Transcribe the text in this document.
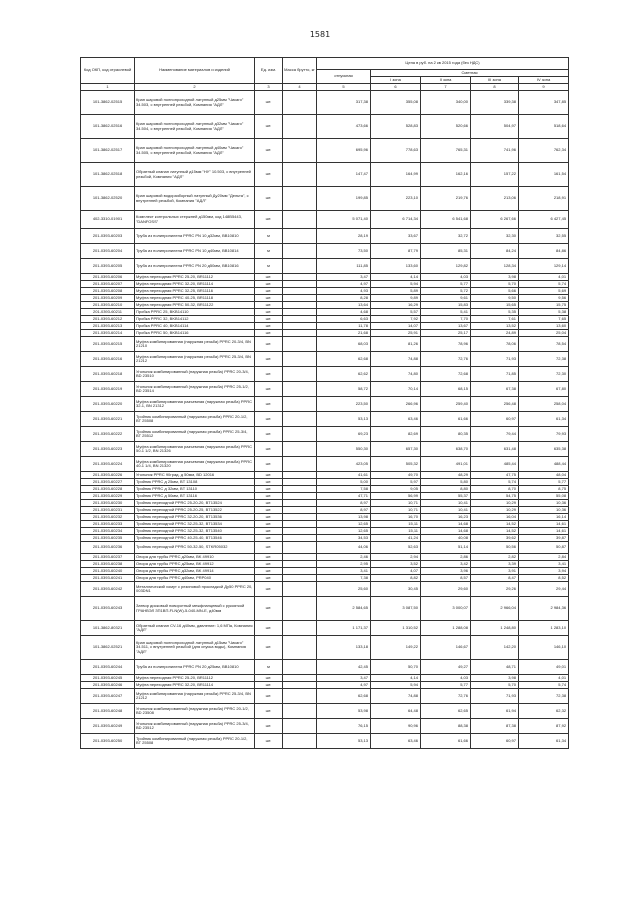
1581
Код ОКП, код отраслевой	Наименование материалов и изделий	Ед. изм.	Масса брутто, кг	Цена в руб. на 2 кв 2015 года (без НДС)				
				отпускная	Сметная			
					I зона	II зона	III зона	IV зона
1	2	3	4	5	6	7	8	9
101-3862-02515	Кран шаровой полнопроходной латунный д25мм "Чикаго" 34.503, с внутренней резьбой, Компания "АДЛ"	шт.		317,38	355,08	340,00	339,38	347,85
101-3862-02516	Кран шаровой полнопроходной латунный д32мм "Чикаго" 34.504, с внутренней резьбой, Компания "АДЛ"	шт.		473,66	528,83	520,66	504,97	518,64
101-3862-02517	Кран шаровой полнопроходной латунный д40мм "Чикаго" 34.505, с внутренней резьбой, Компания "АДЛ"	шт.		695,96	778,63	765,31	741,96	762,34
101-3862-02518	Обратный клапан латунный д15мм "НУ" 10.503, с внутренней резьбой, Компания "АДЛ"	шт.		147,47	164,99	162,16	157,22	161,54
101-3862-02520	Кран шаровой водоразборный латунный Ду20мм "Дельта", с внутренней резьбой, Компания "АДЛ"	шт.		199,85	223,10	219,76	213,06	218,91
402-3310-01901	Комплект контрольных стержней д150мм, код 148B5443, "DANFOSS"	шт.		5 071,40	6 714,34	6 541,68	6 267,66	6 427,45
201-0393-60203	Труба из полипропилена PPRC PN 10 д32мм, BB10810	м		28,19	33,67	32,72	32,30	32,55
201-0393-60204	Труба из полипропилена PPRC PN 10 д40мм, BB10814	м		73,50	87,79	85,31	84,24	84,86
201-0393-60205	Труба из полипропилена PPRC PN 20 д50мм, BB10816	м		111,85	133,60	129,82	128,34	129,14
201-0393-60206	Муфта переходная PPRC 25-20, BR11112	шт.		3,47	4,14	4,03	3,98	4,01
201-0393-60207	Муфта переходная PPRC 32-20, BR11114	шт.		4,97	5,94	5,77	5,70	5,74
201-0393-60208	Муфта переходная PPRC 32-25, BR11116	шт.		4,93	5,89	5,72	5,66	5,69
201-0393-60209	Муфта переходная PPRC 40-25, BR11118	шт.		8,28	9,89	9,61	9,50	9,56
201-0393-60210	Муфта переходная PPRC 50-32, BR11122	шт.		13,64	16,29	15,83	15,65	15,75
201-0393-60211	Пробка PPRC 25, BKB14110	шт.		4,68	5,57	5,41	5,35	5,38
201-0393-60212	Пробка PPRC 32, BKB14112	шт.		6,63	7,92	7,70	7,61	7,65
201-0393-60213	Пробка PPRC 40, BKB14114	шт.		11,78	14,07	13,67	13,52	13,60
201-0393-60214	Пробка PPRC 50, BKB14116	шт.		21,68	25,91	25,17	24,89	25,04
201-0393-60215	Муфта комбинированная (наружная резьба) PPRC 20-3/4, BN 21210	шт.		68,03	81,26	78,96	78,06	78,54
201-0393-60216	Муфта комбинированная (наружная резьба) PPRC 25-3/4, BN 21212	шт.		62,68	74,88	72,76	71,93	72,38
201-0393-60218	Угольник комбинированный (наружная резьба) PPRC 20-3/4, BD 23510	шт.		62,62	74,80	72,68	71,85	72,30
201-0393-60219	Угольник комбинированный (наружная резьба) PPRC 25-1/2, BD 23514	шт.		58,72	70,14	68,15	67,38	67,80
201-0393-60220	Муфта комбинированная разъемная (наружная резьба) PPRC 32-1, BN 21312	шт.		223,50	266,96	259,40	256,48	258,04
201-0393-60221	Тройник комбинированный (наружная резьба) PPRC 20-1/2, BT 25508	шт.		53,13	63,46	61,66	60,97	61,34
201-0393-60222	Тройник комбинированный (наружная резьба) PPRC 25-3/4, BT 25512	шт.		69,23	82,69	80,35	79,44	79,93
201-0393-60223	Муфта комбинированная разъемная (наружная резьба) PPRC 50-1 1/2, BN 21326	шт.		550,30	657,30	638,70	631,48	635,38
201-0393-60224	Муфта комбинированная разъемная (наружная резьба) PPRC 40-1 1/4, BN 21320	шт.		423,05	505,32	491,01	485,44	488,44
201-0393-60226	Угольник PPRC 90град. д 50мм, BD 12016	шт.		41,61	49,70	48,29	47,75	48,04
201-0393-60227	Тройник PPRC д 25мм, BT 13108	шт.		5,00	5,97	5,80	5,74	5,77
201-0393-60228	Тройник PPRC д 32мм, BT 13110	шт.		7,58	9,05	8,80	8,70	8,75
201-0393-60229	Тройник PPRC д 50мм, BT 13116	шт.		47,71	56,99	55,37	54,75	55,08
201-0393-60230	Тройник переходной PPRC 25-20-20, BT13524	шт.		8,97	10,71	10,41	10,29	10,36
201-0393-60231	Тройник переходной PPRC 25-20-25, BT13522	шт.		8,97	10,71	10,41	10,29	10,36
201-0393-60232	Тройник переходной PPRC 32-20-20, BT13536	шт.		13,98	16,70	16,23	16,04	16,14
201-0393-60233	Тройник переходной PPRC 32-25-32, BT13534	шт.		12,65	15,11	14,68	14,52	14,61
201-0393-60234	Тройник переходной PPRC 32-25-32, BT13540	шт.		12,65	15,11	14,68	14,52	14,61
201-0393-60235	Тройник переходной PPRC 40-25-40, BT13546	шт.		34,53	41,24	40,08	39,62	39,87
201-0393-60236	Тройник переходной PPRC 50-32-50, STKR05032	шт.		44,06	52,63	51,14	50,56	50,87
201-0393-60237	Опора для трубы PPRC д20мм, BK 49910	шт.		2,46	2,94	2,86	2,82	2,84
201-0393-60238	Опора для трубы PPRC д25мм, BK 49912	шт.		2,95	3,52	3,42	3,39	3,41
201-0393-60240	Опора для трубы PPRC д32мм, BK 49914	шт.		3,41	4,07	3,96	3,91	3,94
201-0393-60241	Опора для трубы PPRC д40мм, PRP040	шт.		7,38	8,82	8,57	8,47	8,52
201-0393-60242	Металлический хомут с резиновой прокладкой Ду50 PPRC 20, 003DN1	шт.		25,60	30,45	29,60	29,26	29,44
201-0393-60243	Затвор дисковый поворотный межфланцевый с рукояткой ГРАНВЭЛ ЗП1ВП-FLN(W)-5-040-MN-E, д40мм	шт.		2 584,65	3 087,50	3 000,07	2 966,04	2 984,36
101-3862-80321	Обратный клапан CV-16 д40мм, давление: 1,6 МПа, Компания "АДЛ"	шт.		1 171,37	1 310,52	1 288,08	1 248,80	1 283,10
101-3862-02521	Кран шаровой полнопроходной латунный д15мм "Чикаго" 34.511, с внутренней резьбой (для спуска воды), Компания "АДЛ"	шт.		133,18	149,22	146,67	142,20	146,10
201-0393-60244	Труба из полипропилена PPRC PN 20 д25мм, BB10810	м		42,45	50,70	49,27	48,71	49,01
201-0393-60245	Муфта переходная PPRC 25-20, BR11112	шт.		3,47	4,14	4,03	3,98	4,01
201-0393-60246	Муфта переходная PPRC 32-20, BR11114	шт.		4,97	5,94	5,77	5,70	5,74
201-0393-60247	Муфта комбинированная (наружная резьба) PPRC 25-3/4, BN 21212	шт.		62,68	74,88	72,76	71,93	72,38
201-0393-60248	Угольник комбинированный (наружная резьба) PPRC 20-1/2, BD 23508	шт.		53,98	64,48	62,65	61,94	62,32
201-0393-60249	Угольник комбинированный (наружная резьба) PPRC 25-3/4, BD 23512	шт.		76,15	90,96	88,38	87,38	87,92
201-0393-60250	Тройник комбинированный (наружная резьба) PPRC 20-1/2, BT 25508	шт.		53,13	63,46	61,66	60,97	61,34
